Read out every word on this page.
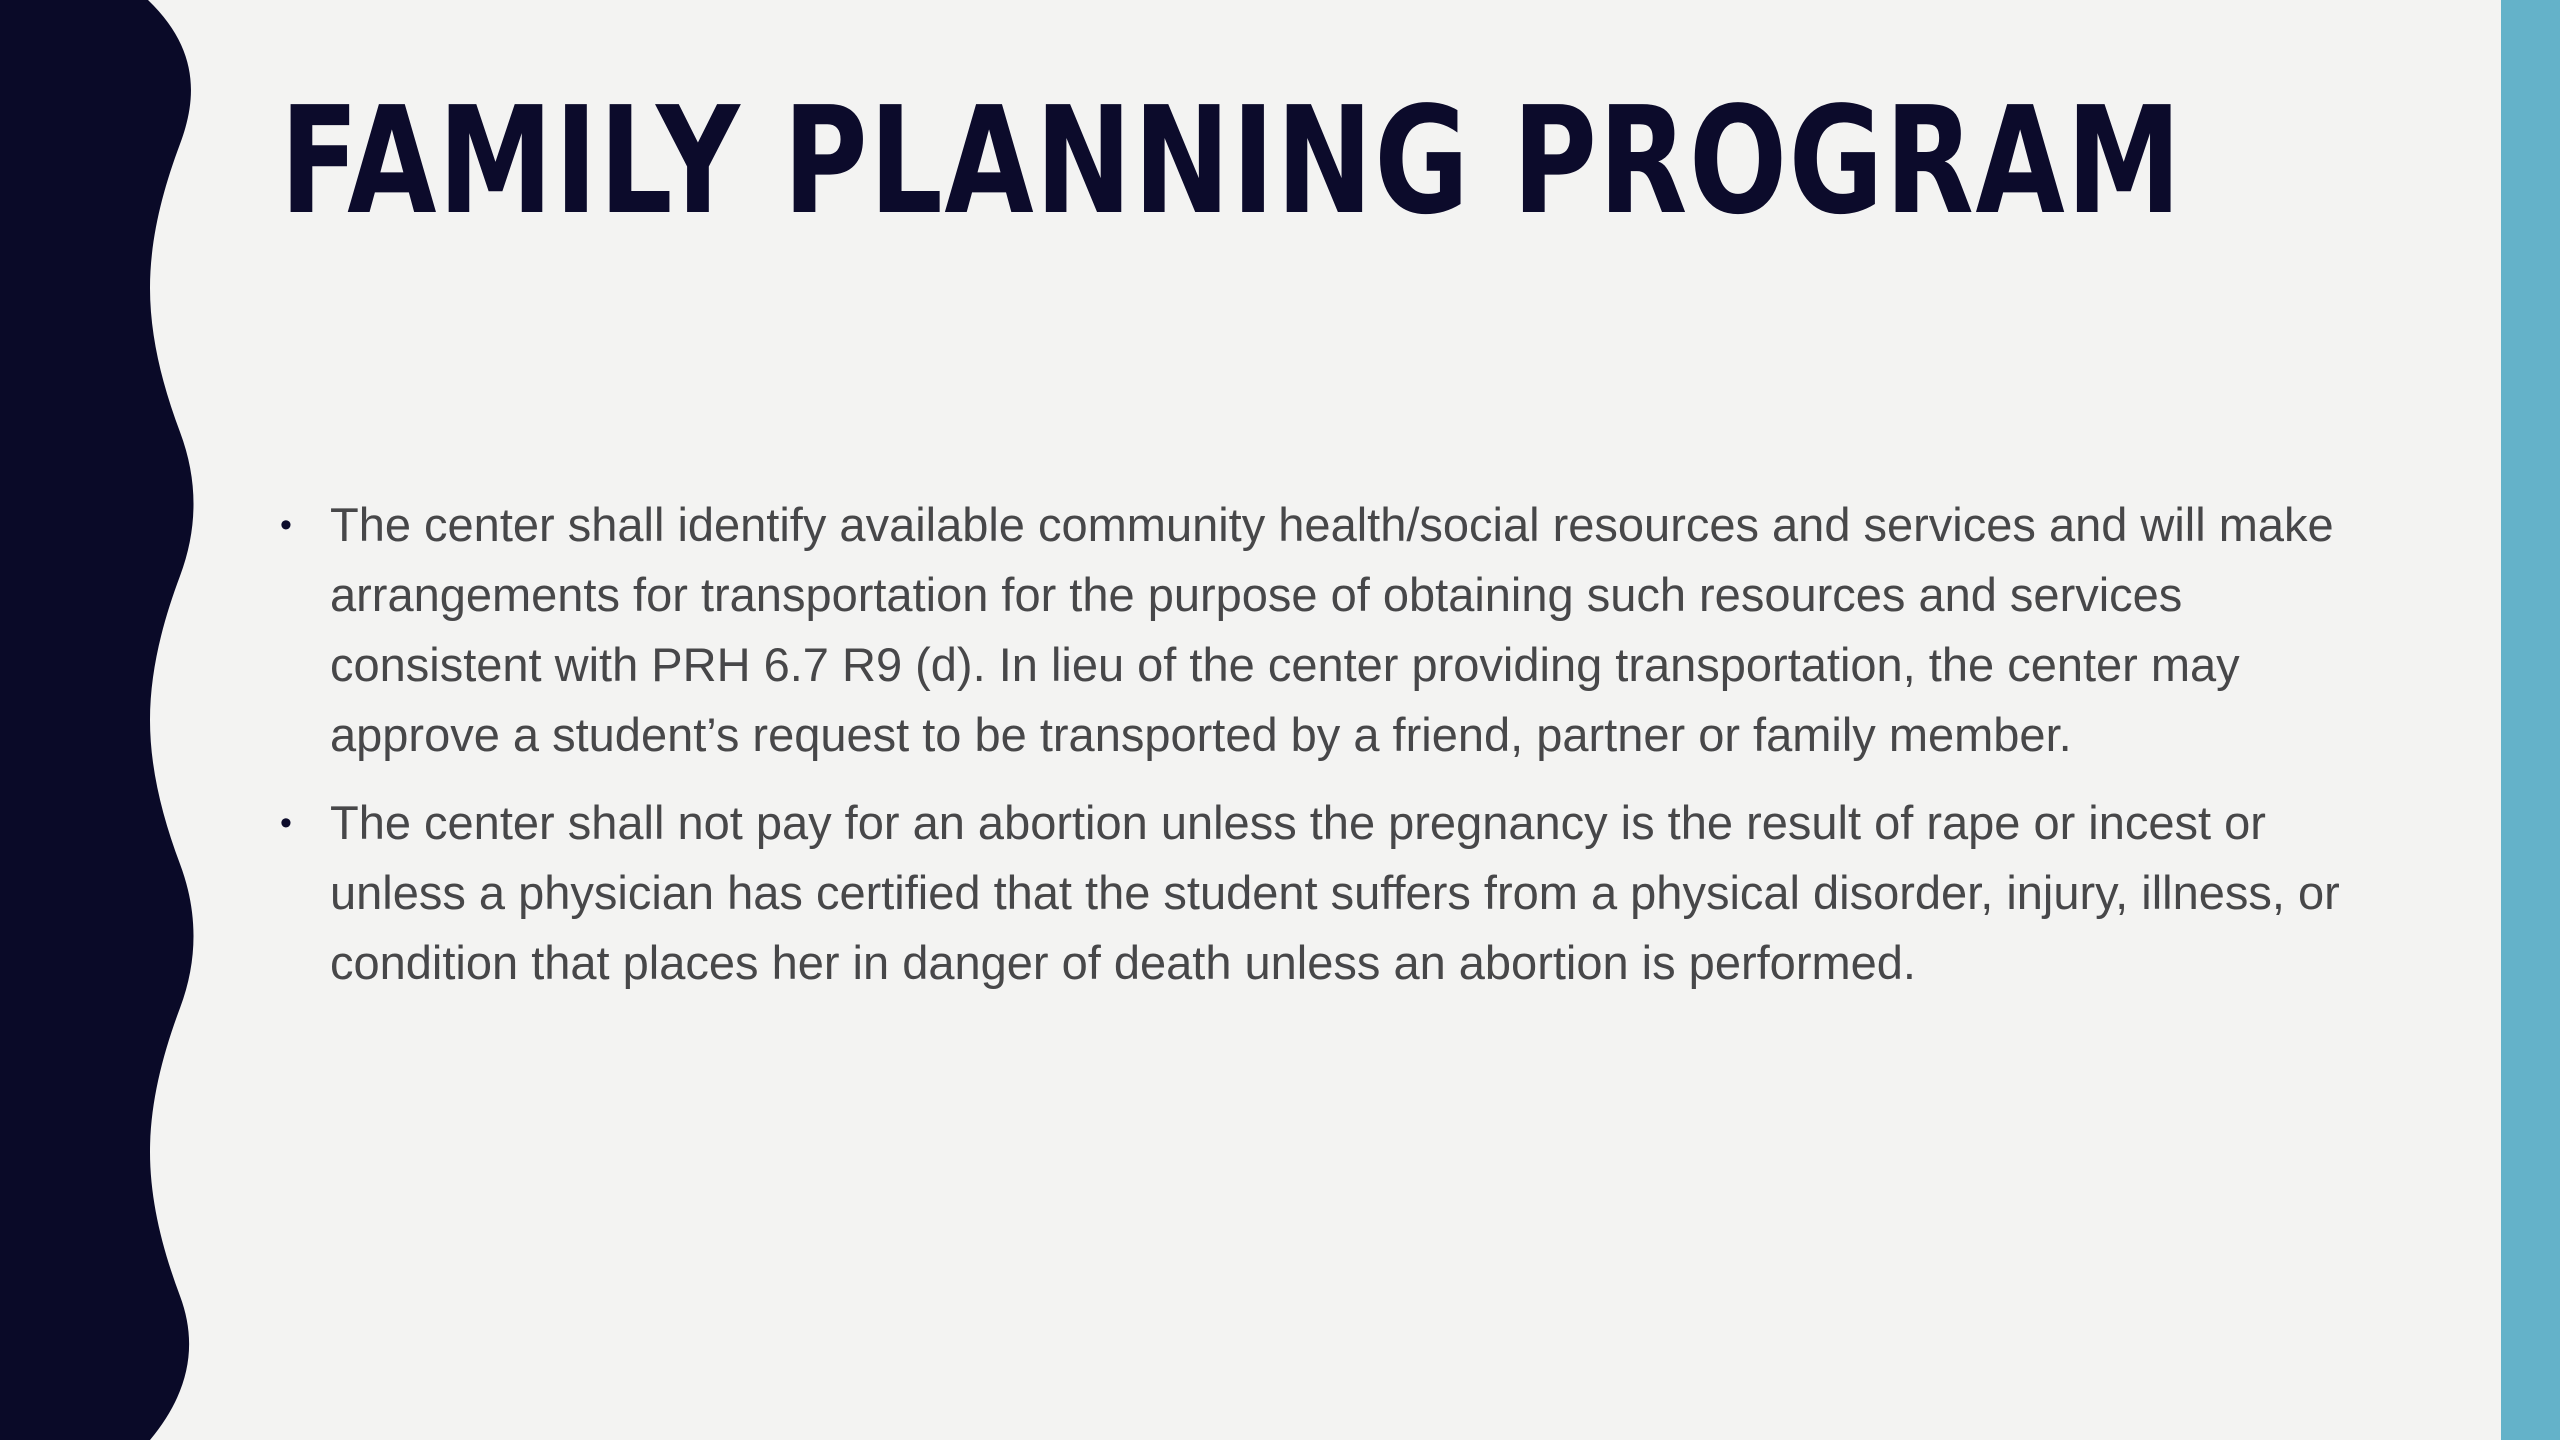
FAMILY PLANNING PROGRAM
• The center shall identify available community health/social resources and services and will make arrangements for transportation for the purpose of obtaining such resources and services consistent with PRH 6.7 R9 (d). In lieu of the center providing transportation, the center may approve a student’s request to be transported by a friend, partner or family member.
• The center shall not pay for an abortion unless the pregnancy is the result of rape or incest or unless a physician has certified that the student suffers from a physical disorder, injury, illness, or condition that places her in danger of death unless an abortion is performed.
